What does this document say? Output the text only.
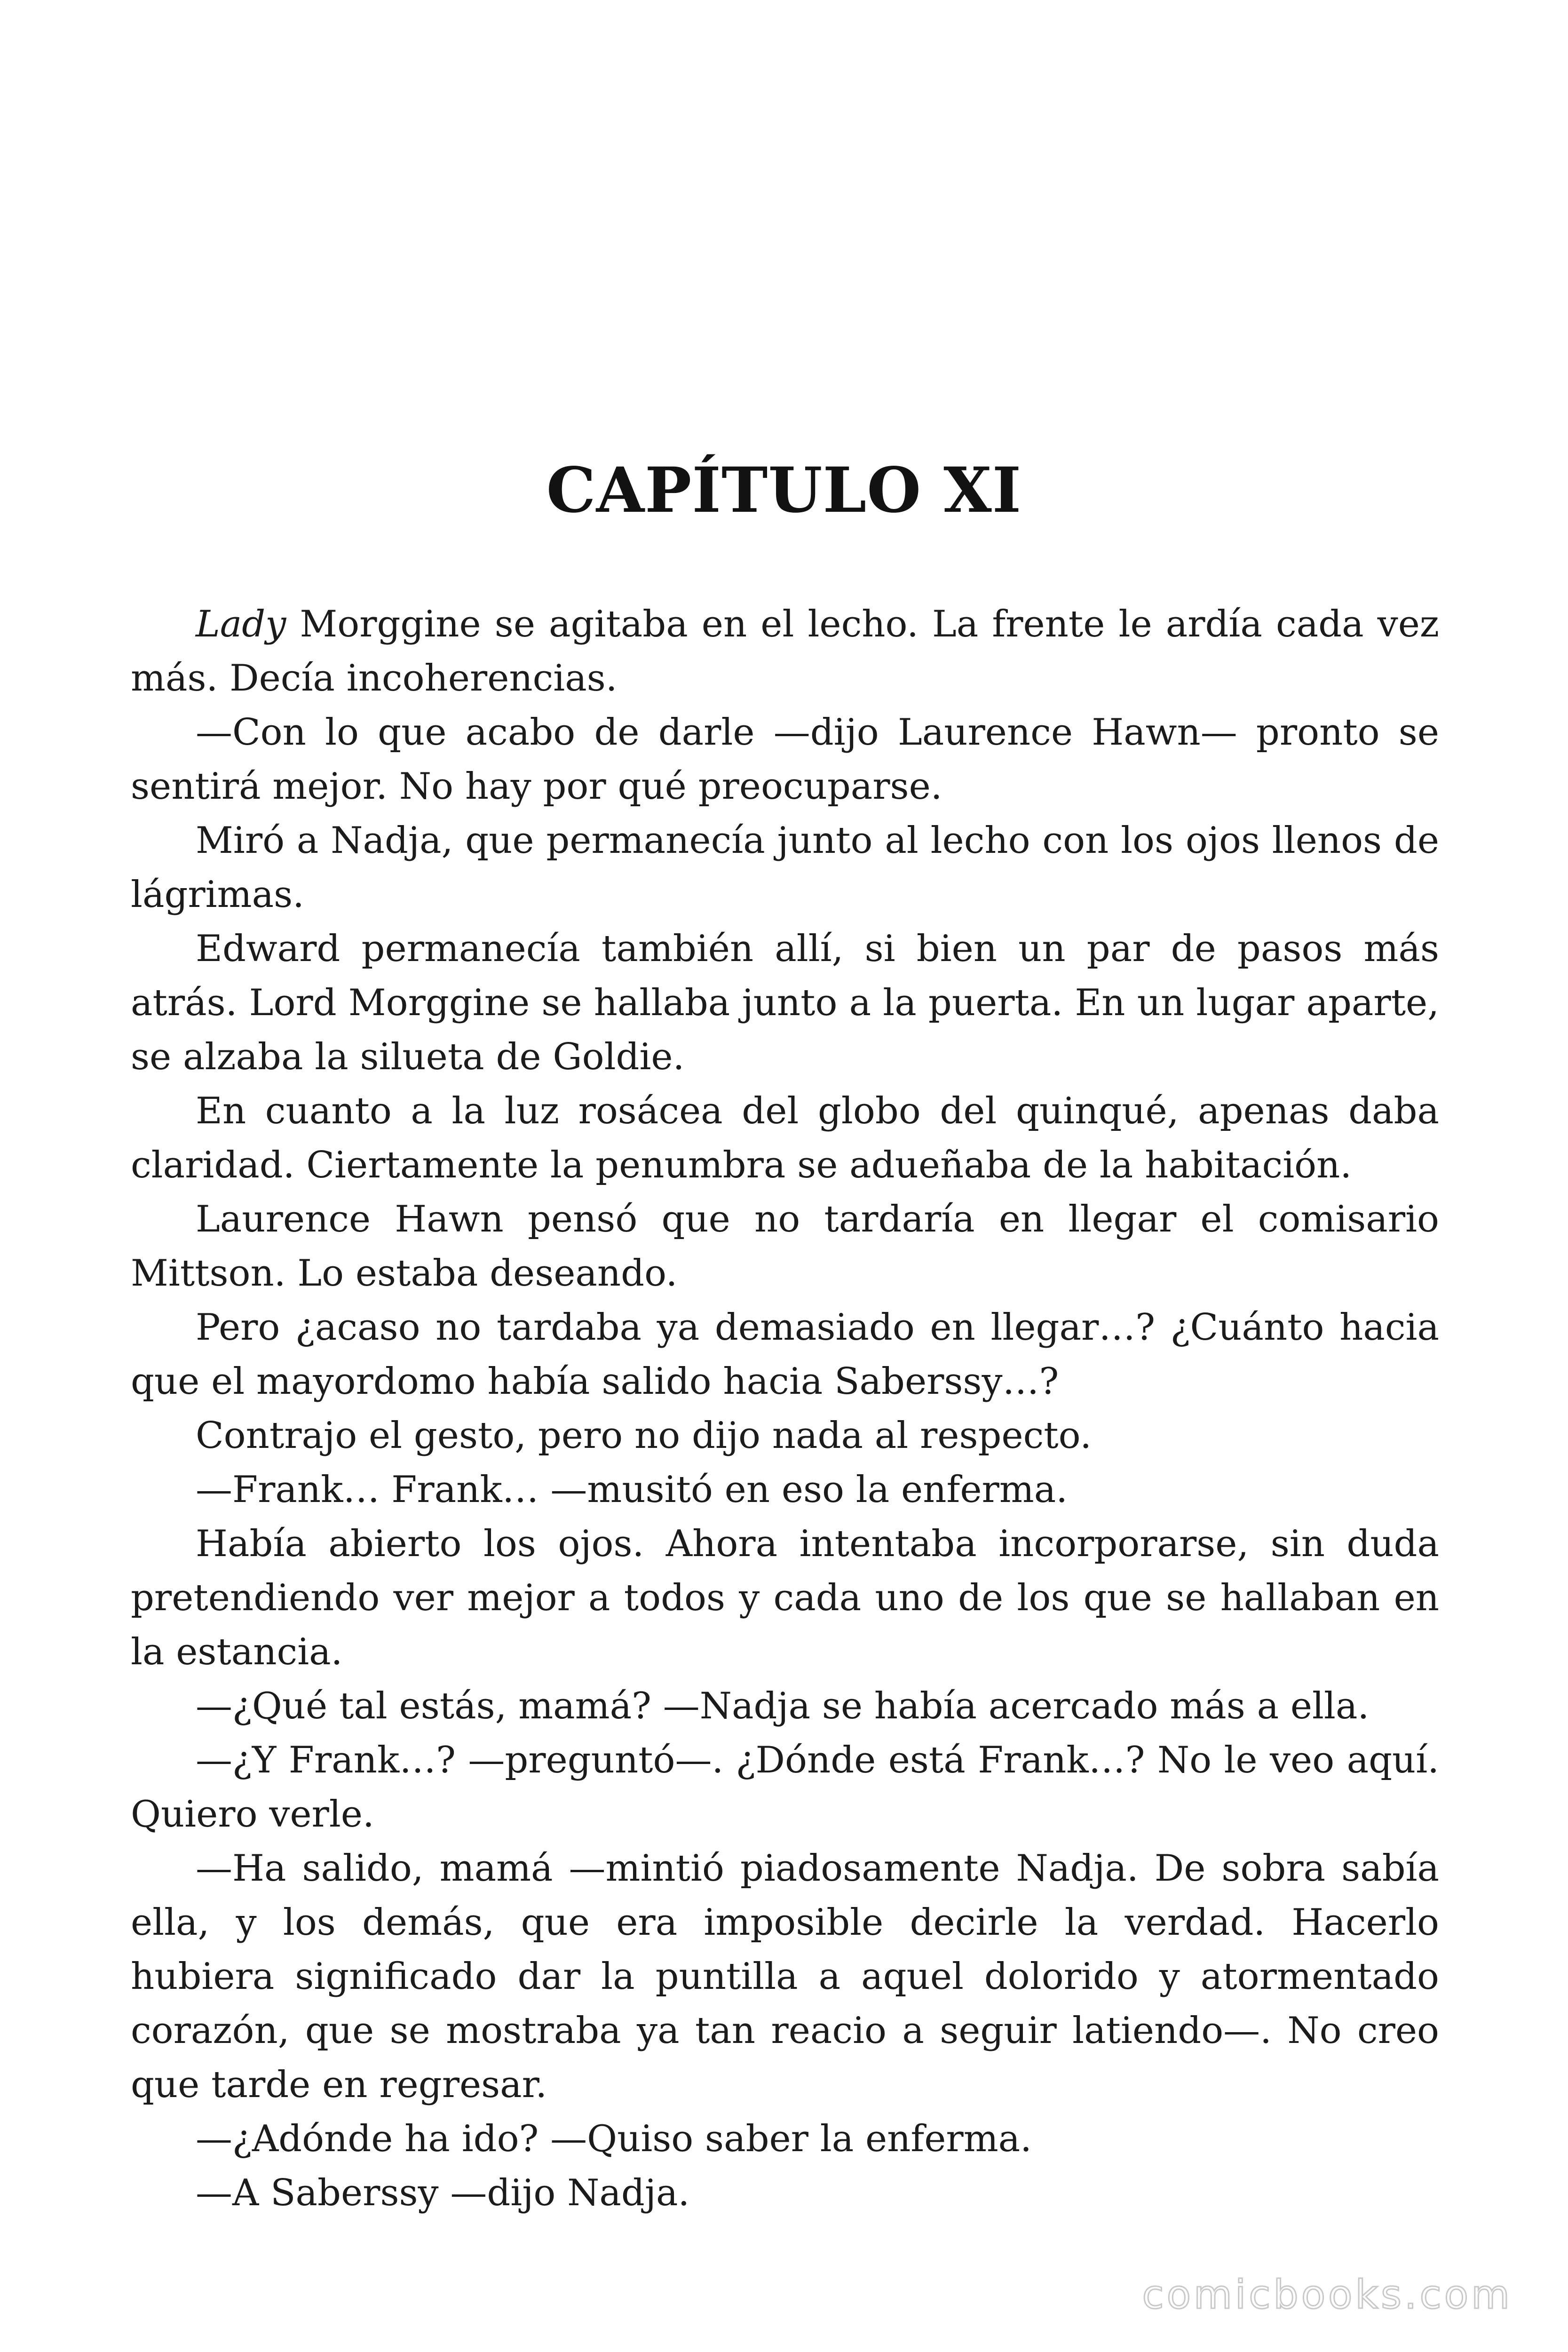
CAPÍTULO XI

Lady Morggine se agitaba en el lecho. La frente le ardía cada vez más. Decía incoherencias.

—Con lo que acabo de darle —dijo Laurence Hawn— pronto se sentirá mejor. No hay por qué preocuparse.

Miró a Nadja, que permanecía junto al lecho con los ojos llenos de lágrimas.

Edward permanecía también allí, si bien un par de pasos más atrás. Lord Morggine se hallaba junto a la puerta. En un lugar aparte, se alzaba la silueta de Goldie.

En cuanto a la luz rosácea del globo del quinqué, apenas daba claridad. Ciertamente la penumbra se adueñaba de la habitación.

Laurence Hawn pensó que no tardaría en llegar el comisario Mittson. Lo estaba deseando.

Pero ¿acaso no tardaba ya demasiado en llegar…? ¿Cuánto hacia que el mayordomo había salido hacia Saberssy…?

Contrajo el gesto, pero no dijo nada al respecto.

—Frank… Frank… —musitó en eso la enferma.

Había abierto los ojos. Ahora intentaba incorporarse, sin duda pretendiendo ver mejor a todos y cada uno de los que se hallaban en la estancia.

—¿Qué tal estás, mamá? —Nadja se había acercado más a ella.

—¿Y Frank…? —preguntó—. ¿Dónde está Frank…? No le veo aquí. Quiero verle.

—Ha salido, mamá —mintió piadosamente Nadja. De sobra sabía ella, y los demás, que era imposible decirle la verdad. Hacerlo hubiera significado dar la puntilla a aquel dolorido y atormentado corazón, que se mostraba ya tan reacio a seguir latiendo—. No creo que tarde en regresar.

—¿Adónde ha ido? —Quiso saber la enferma.

—A Saberssy —dijo Nadja.

comicbooks.com
